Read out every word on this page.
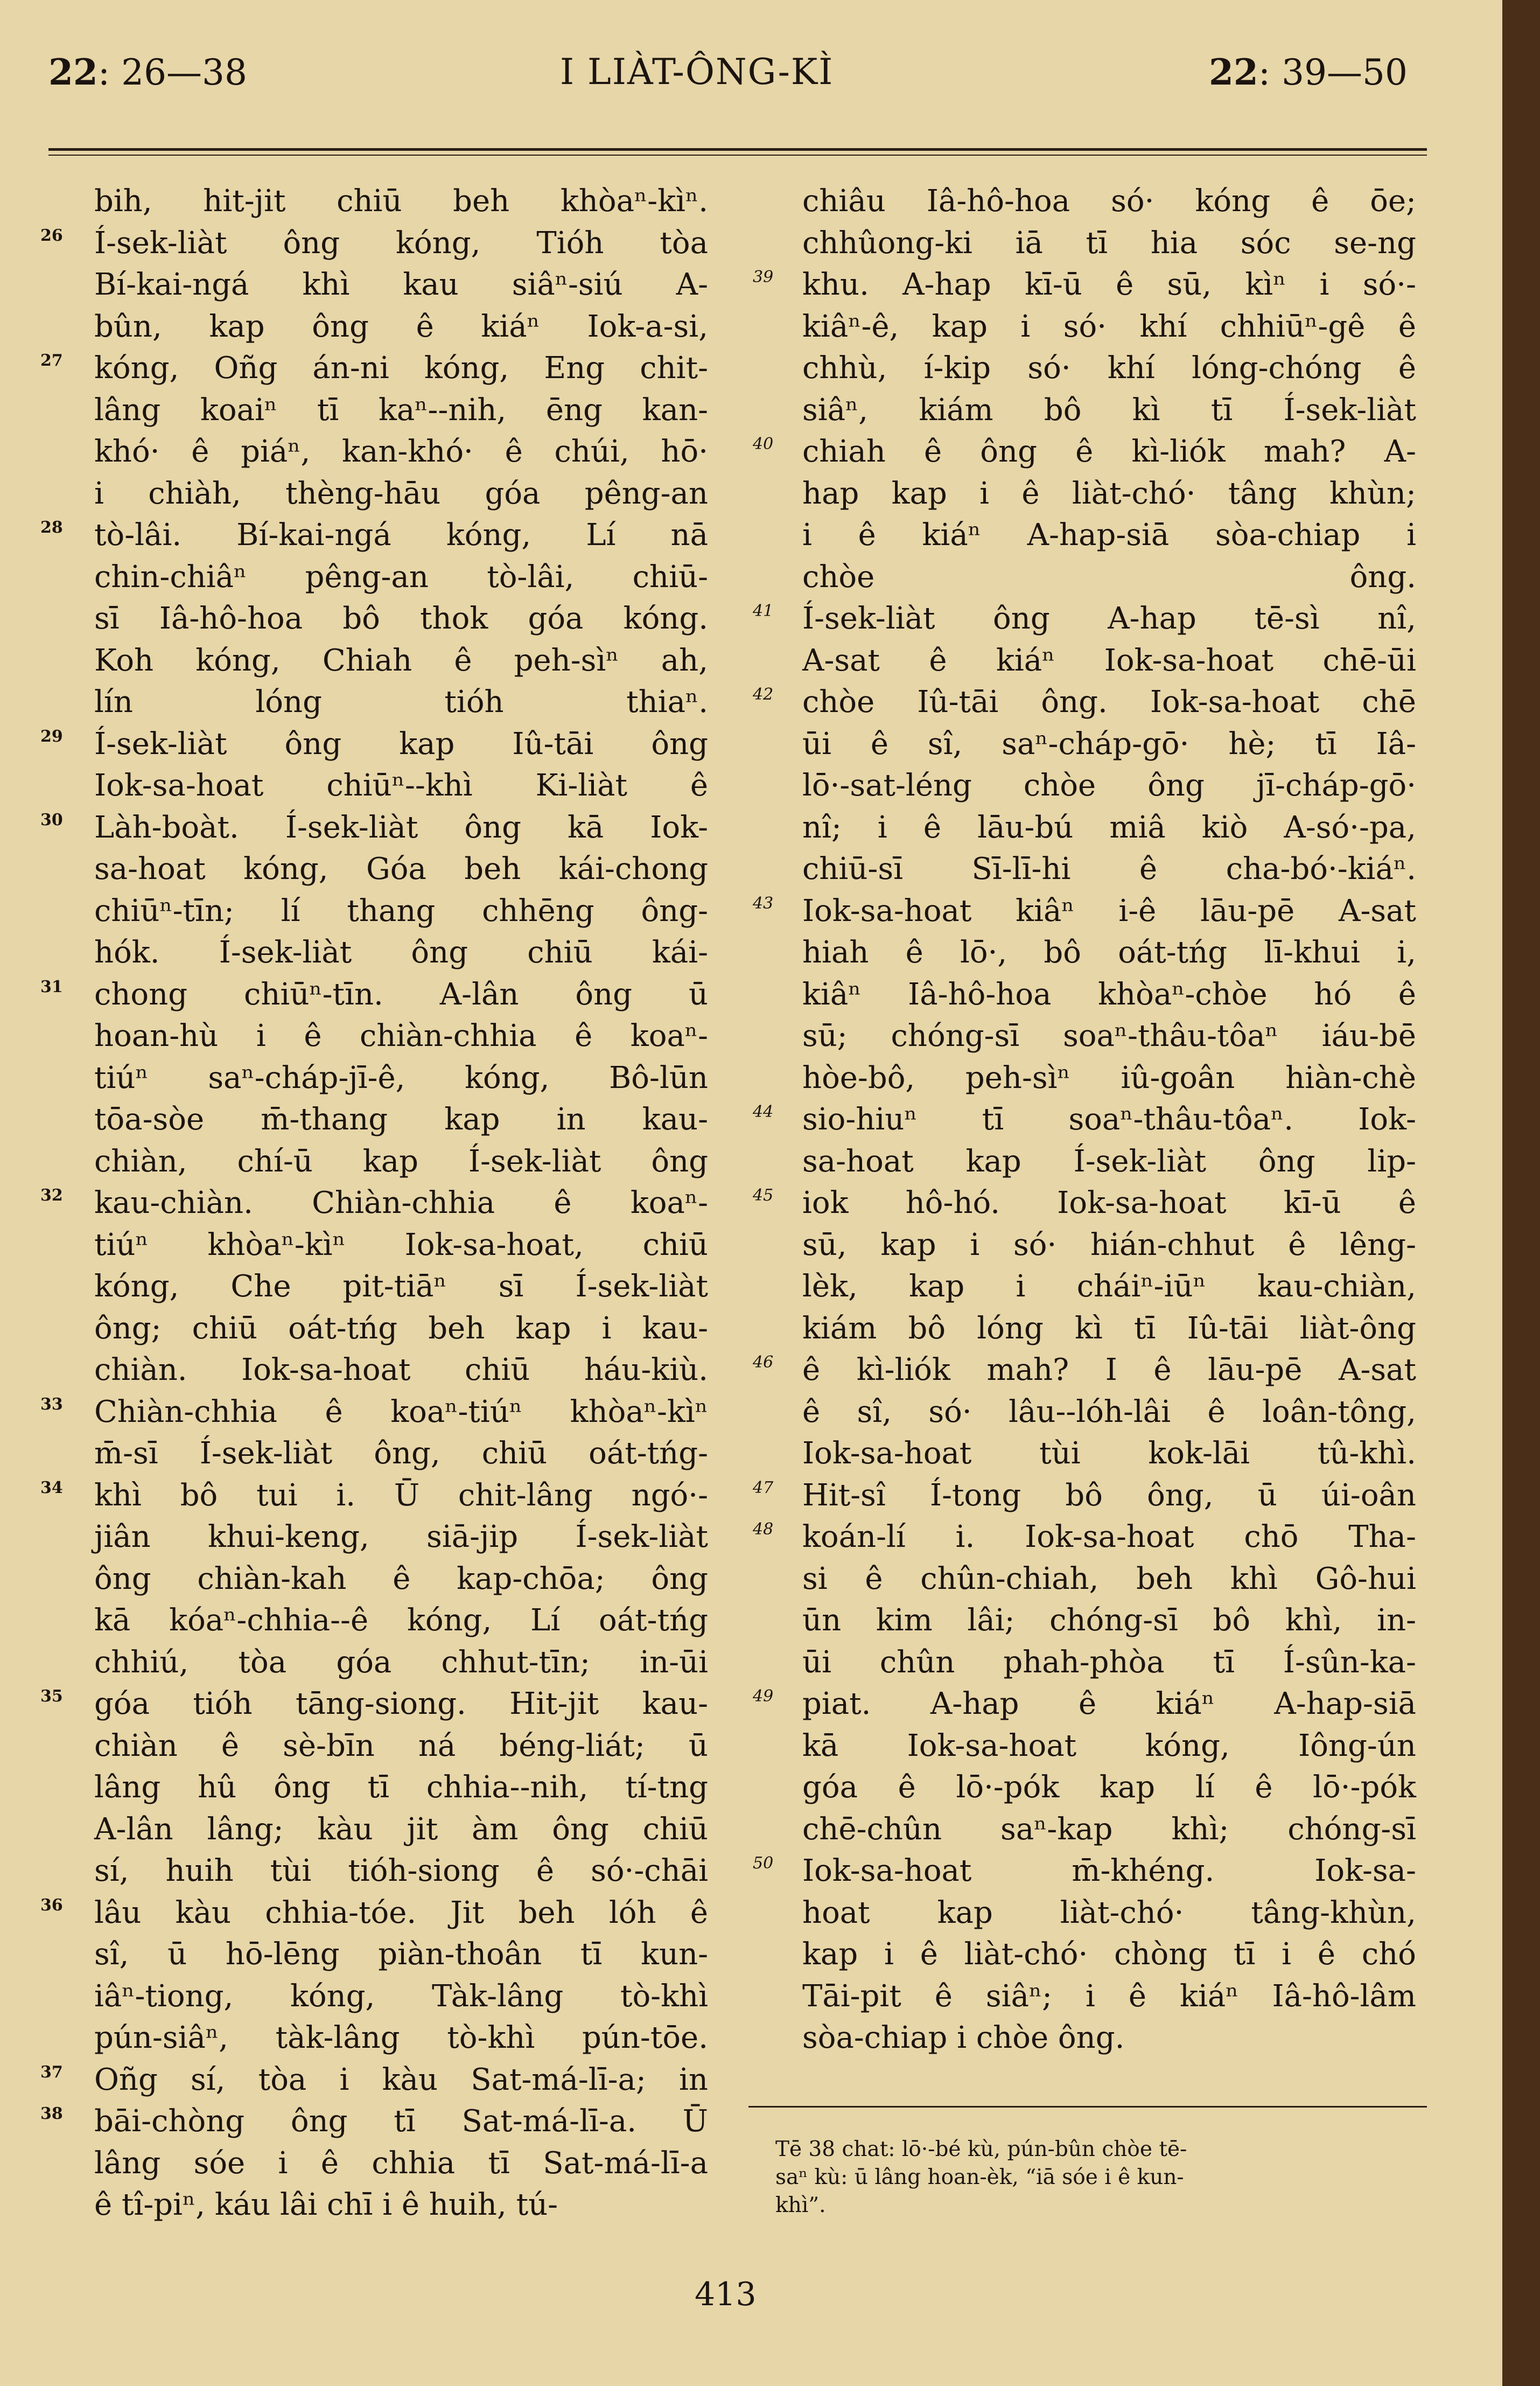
22: 26—38	I LIÀT-ÔNG-KÌ	22: 39—50
bih, hit-jit chiū beh khòaⁿ-kìⁿ.
26 Í-sek-liàt ông kóng, Tióh tòa
Bí-kai-ngá khì kau siâⁿ-siú A-
bûn, kap ông ê kiáⁿ Iok-a-si,
27 kóng, Oñg án-ni kóng, Eng chit-
lâng koaiⁿ tī kaⁿ--nih, ēng kan-
khó· ê piáⁿ, kan-khó· ê chúi, hō·
i chiàh, thèng-hāu góa pêng-an
28 tò-lâi. Bí-kai-ngá kóng, Lí nā
chin-chiâⁿ pêng-an tò-lâi, chiū-
sī Iâ-hô-hoa bô thok góa kóng.
Koh kóng, Chiah ê peh-sìⁿ ah,
lín lóng tióh thiaⁿ.
29 Í-sek-liàt ông kap Iû-tāi ông
Iok-sa-hoat chiūⁿ--khì Ki-liàt ê
30 Làh-boàt. Í-sek-liàt ông kā Iok-
sa-hoat kóng, Góa beh kái-chong
chiūⁿ-tīn; lí thang chhēng ông-
hók. Í-sek-liàt ông chiū kái-
31 chong chiūⁿ-tīn. A-lân ông ū
hoan-hù i ê chiàn-chhia ê koaⁿ-
tiúⁿ saⁿ-cháp-jī-ê, kóng, Bô-lūn
tōa-sòe m̄-thang kap in kau-
chiàn, chí-ū kap Í-sek-liàt ông
32 kau-chiàn. Chiàn-chhia ê koaⁿ-
tiúⁿ khòaⁿ-kìⁿ Iok-sa-hoat, chiū
kóng, Che pit-tiāⁿ sī Í-sek-liàt
ông; chiū oát-tńg beh kap i kau-
chiàn. Iok-sa-hoat chiū háu-kiù.
33 Chiàn-chhia ê koaⁿ-tiúⁿ khòaⁿ-kìⁿ
m̄-sī Í-sek-liàt ông, chiū oát-tńg-
34 khì bô tui i. Ū chit-lâng ngó·-
jiân khui-keng, siā-jip Í-sek-liàt
ông chiàn-kah ê kap-chōa; ông
kā kóaⁿ-chhia--ê kóng, Lí oát-tńg
chhiú, tòa góa chhut-tīn; in-ūi
35 góa tióh tāng-siong. Hit-jit kau-
chiàn ê sè-bīn ná béng-liát; ū
lâng hû ông tī chhia--nih, tí-tng
A-lân lâng; kàu jit àm ông chiū
sí, huih tùi tióh-siong ê só·-chāi
36 lâu kàu chhia-tóe. Jit beh lóh ê
sî, ū hō-lēng piàn-thoân tī kun-
iâⁿ-tiong, kóng, Tàk-lâng tò-khì
pún-siâⁿ, tàk-lâng tò-khì pún-tōe.
37 Oñg sí, tòa i kàu Sat-má-lī-a; in
38 bāi-chòng ông tī Sat-má-lī-a. Ū
lâng sóe i ê chhia tī Sat-má-lī-a
ê tî-piⁿ, káu lâi chī i ê huih, tú-
chiâu Iâ-hô-hoa só· kóng ê ōe;
chhûong-ki iā tī hia sóc se-ng
39 khu. A-hap kī-ū ê sū, kìⁿ i só·-
kiâⁿ-ê, kap i só· khí chhiūⁿ-gê ê
chhù, í-kip só· khí lóng-chóng ê
siâⁿ, kiám bô kì tī Í-sek-liàt
40 chiah ê ông ê kì-liók mah? A-
hap kap i ê liàt-chó· tâng khùn;
i ê kiáⁿ A-hap-siā sòa-chiap i
chòe ông.
41 Í-sek-liàt ông A-hap tē-sì nî,
A-sat ê kiáⁿ Iok-sa-hoat chē-ūi
42 chòe Iû-tāi ông. Iok-sa-hoat chē
ūi ê sî, saⁿ-cháp-gō· hè; tī Iâ-
lō·-sat-léng chòe ông jī-cháp-gō·
nî; i ê lāu-bú miâ kiò A-só·-pa,
chiū-sī Sī-lī-hi ê cha-bó·-kiáⁿ.
43 Iok-sa-hoat kiâⁿ i-ê lāu-pē A-sat
hiah ê lō·, bô oát-tńg lī-khui i,
kiâⁿ Iâ-hô-hoa khòaⁿ-chòe hó ê
sū; chóng-sī soaⁿ-thâu-tôaⁿ iáu-bē
hòe-bô, peh-sìⁿ iû-goân hiàn-chè
44 sio-hiuⁿ tī soaⁿ-thâu-tôaⁿ. Iok-
sa-hoat kap Í-sek-liàt ông lip-
45 iok hô-hó. Iok-sa-hoat kī-ū ê
sū, kap i só· hián-chhut ê lêng-
lèk, kap i cháiⁿ-iūⁿ kau-chiàn,
kiám bô lóng kì tī Iû-tāi liàt-ông
46 ê kì-liók mah? I ê lāu-pē A-sat
ê sî, só· lâu--lóh-lâi ê loân-tông,
Iok-sa-hoat tùi kok-lāi tû-khì.
47 Hit-sî Í-tong bô ông, ū úi-oân
48 koán-lí i. Iok-sa-hoat chō Tha-
si ê chûn-chiah, beh khì Gô-hui
ūn kim lâi; chóng-sī bô khì, in-
ūi chûn phah-phòa tī Í-sûn-ka-
49 piat. A-hap ê kiáⁿ A-hap-siā
kā Iok-sa-hoat kóng, Iông-ún
góa ê lō·-pók kap lí ê lō·-pók
chē-chûn saⁿ-kap khì; chóng-sī
50 Iok-sa-hoat m̄-khéng. Iok-sa-
hoat kap liàt-chó· tâng-khùn,
kap i ê liàt-chó· chòng tī i ê chó
Tāi-pit ê siâⁿ; i ê kiáⁿ Iâ-hô-lâm
sòa-chiap i chòe ông.
Tē 38 chat: lō·-bé kù, pún-bûn chòe tē-
saⁿ kù: ū lâng hoan-èk, “iā sóe i ê kun-
khì”.
413
